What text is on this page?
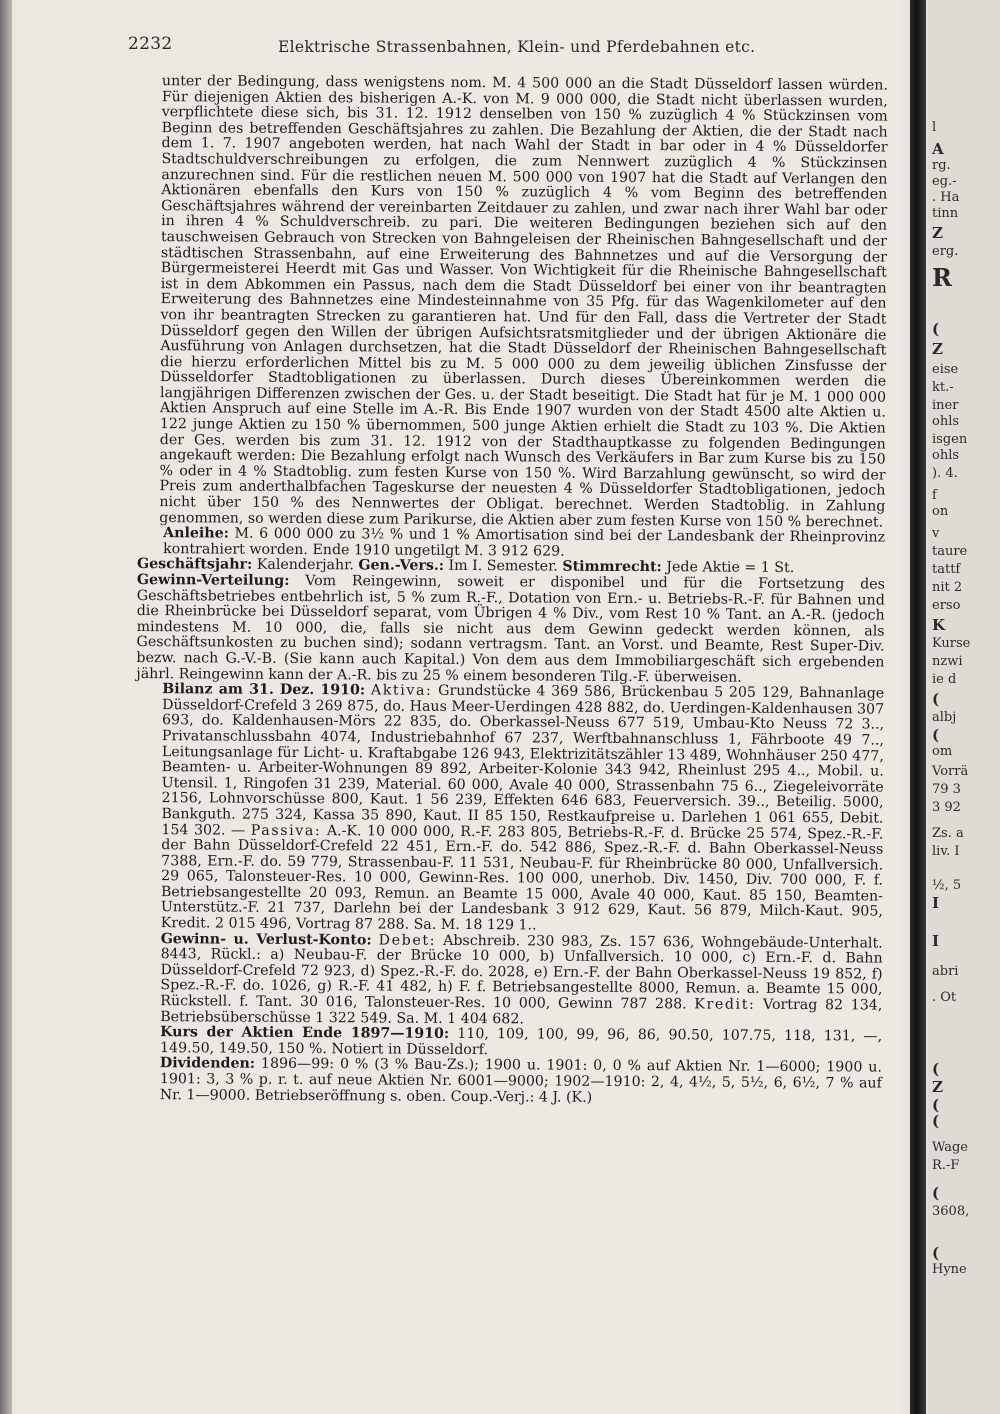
2232	Elektrische Strassenbahnen, Klein- und Pferdebahnen etc.

unter der Bedingung, dass wenigstens nom. M. 4 500 000 an die Stadt Düsseldorf lassen würden. Für diejenigen Aktien des bisherigen A.-K. von M. 9 000 000, die Stadt nicht überlassen wurden, verpflichtete diese sich, bis 31. 12. 1912 denselben von 150 % zuzüglich 4 % Stückzinsen vom Beginn des betreffenden Geschäftsjahres zu zahlen. Die Bezahlung der Aktien, die der Stadt nach dem 1. 7. 1907 angeboten werden, hat nach Wahl der Stadt in bar oder in 4 % Düsseldorfer Stadtschuldverschreibungen zu erfolgen, die zum Nennwert zuzüglich 4 % Stückzinsen anzurechnen sind. Für die restlichen neuen M. 500 000 von 1907 hat die Stadt auf Verlangen den Aktionären ebenfalls den Kurs von 150 % zuzüglich 4 % vom Beginn des betreffenden Geschäftsjahres während der vereinbarten Zeitdauer zu zahlen, und zwar nach ihrer Wahl bar oder in ihren 4 % Schuldverschreib. zu pari. Die weiteren Bedingungen beziehen sich auf den tauschweisen Gebrauch von Strecken von Bahngeleisen der Rheinischen Bahngesellschaft und der städtischen Strassenbahn, auf eine Erweiterung des Bahnnetzes und auf die Versorgung der Bürgermeisterei Heerdt mit Gas und Wasser. Von Wichtigkeit für die Rheinische Bahngesellschaft ist in dem Abkommen ein Passus, nach dem die Stadt Düsseldorf bei einer von ihr beantragten Erweiterung des Bahnnetzes eine Mindesteinnahme von 35 Pfg. für das Wagenkilometer auf den von ihr beantragten Strecken zu garantieren hat. Und für den Fall, dass die Vertreter der Stadt Düsseldorf gegen den Willen der übrigen Aufsichtsratsmitglieder und der übrigen Aktionäre die Ausführung von Anlagen durchsetzen, hat die Stadt Düsseldorf der Rheinischen Bahngesellschaft die hierzu erforderlichen Mittel bis zu M. 5 000 000 zu dem jeweilig üblichen Zinsfusse der Düsseldorfer Stadtobligationen zu überlassen. Durch dieses Übereinkommen werden die langjährigen Differenzen zwischen der Ges. u. der Stadt beseitigt. Die Stadt hat für je M. 1 000 000 Aktien Anspruch auf eine Stelle im A.-R. Bis Ende 1907 wurden von der Stadt 4500 alte Aktien u. 122 junge Aktien zu 150 % übernommen, 500 junge Aktien erhielt die Stadt zu 103 %. Die Aktien der Ges. werden bis zum 31. 12. 1912 von der Stadthauptkasse zu folgenden Bedingungen angekauft werden: Die Bezahlung erfolgt nach Wunsch des Verkäufers in Bar zum Kurse bis zu 150 % oder in 4 % Stadtoblig. zum festen Kurse von 150 %. Wird Barzahlung gewünscht, so wird der Preis zum anderthalbfachen Tageskurse der neuesten 4 % Düsseldorfer Stadtobligationen, jedoch nicht über 150 % des Nennwertes der Obligat. berechnet. Werden Stadtoblig. in Zahlung genommen, so werden diese zum Parikurse, die Aktien aber zum festen Kurse von 150 % berechnet.

Anleihe: M. 6 000 000 zu 3½ % und 1 % Amortisation sind bei der Landesbank der Rheinprovinz kontrahiert worden. Ende 1910 ungetilgt M. 3 912 629.

Geschäftsjahr: Kalenderjahr. Gen.-Vers.: Im I. Semester. Stimmrecht: Jede Aktie = 1 St.

Gewinn-Verteilung: Vom Reingewinn, soweit er disponibel und für die Fortsetzung des Geschäftsbetriebes entbehrlich ist, 5 % zum R.-F., Dotation von Ern.- u. Betriebs-R.-F. für Bahnen und die Rheinbrücke bei Düsseldorf separat, vom Übrigen 4 % Div., vom Rest 10 % Tant. an A.-R. (jedoch mindestens M. 10 000, die, falls sie nicht aus dem Gewinn gedeckt werden können, als Geschäftsunkosten zu buchen sind); sodann vertragsm. Tant. an Vorst. und Beamte, Rest Super-Div. bezw. nach G.-V.-B. (Sie kann auch Kapital.) Von dem aus dem Immobiliargeschäft sich ergebenden jährl. Reingewinn kann der A.-R. bis zu 25 % einem besonderen Tilg.-F. überweisen.

Bilanz am 31. Dez. 1910: Aktiva: Grundstücke 4 369 586, Brückenbau 5 205 129, Bahnanlage Düsseldorf-Crefeld 3 269 875, do. Haus Meer-Uerdingen 428 882, do. Uerdingen-Kaldenhausen 307 693, do. Kaldenhausen-Mörs 22 835, do. Oberkassel-Neuss 677 519, Umbau-Kto Neuss 72 3.., Privatanschlussbahn 4074, Industriebahnhof 67 237, Werftbahnanschluss 1, Fährboote 49 7.., Leitungsanlage für Licht- u. Kraftabgabe 126 943, Elektrizitätszähler 13 489, Wohnhäuser 250 477, Beamten- u. Arbeiter-Wohnungen 89 892, Arbeiter-Kolonie 343 942, Rheinlust 295 4.., Mobil. u. Utensil. 1, Ringofen 31 239, Material. 60 000, Avale 40 000, Strassenbahn 75 6.., Ziegeleivorräte 2156, Lohnvorschüsse 800, Kaut. 1 56 239, Effekten 646 683, Feuerversich. 39.., Beteilig. 5000, Bankguth. 275 324, Kassa 35 890, Kaut. II 85 150, Restkaufpreise u. Darlehen 1 061 655, Debit. 154 302. — Passiva: A.-K. 10 000 000, R.-F. 283 805, Betriebs-R.-F. d. Brücke 25 574, Spez.-R.-F. der Bahn Düsseldorf-Crefeld 22 451, Ern.-F. do. 542 886, Spez.-R.-F. d. Bahn Oberkassel-Neuss 7388, Ern.-F. do. 59 779, Strassenbau-F. 11 531, Neubau-F. für Rheinbrücke 80 000, Unfallversich. 29 065, Talonsteuer-Res. 10 000, Gewinn-Res. 100 000, unerhob. Div. 1450, Div. 700 000, F. f. Betriebsangestellte 20 093, Remun. an Beamte 15 000, Avale 40 000, Kaut. 85 150, Beamten-Unterstütz.-F. 21 737, Darlehn bei der Landesbank 3 912 629, Kaut. 56 879, Milch-Kaut. 905, Kredit. 2 015 496, Vortrag 87 288. Sa. M. 18 129 1..

Gewinn- u. Verlust-Konto: Debet: Abschreib. 230 983, Zs. 157 636, Wohngebäude-Unterhalt. 8443, Rückl.: a) Neubau-F. der Brücke 10 000, b) Unfallversich. 10 000, c) Ern.-F. d. Bahn Düsseldorf-Crefeld 72 923, d) Spez.-R.-F. do. 2028, e) Ern.-F. der Bahn Oberkassel-Neuss 19 852, f) Spez.-R.-F. do. 1026, g) R.-F. 41 482, h) F. f. Betriebsangestellte 8000, Remun. a. Beamte 15 000, Rückstell. f. Tant. 30 016, Talonsteuer-Res. 10 000, Gewinn 787 288. Kredit: Vortrag 82 134, Betriebsüberschüsse 1 322 549. Sa. M. 1 404 682.

Kurs der Aktien Ende 1897—1910: 110, 109, 100, 99, 96, 86, 90.50, 107.75, 118, 131, —, 149.50, 149.50, 150 %. Notiert in Düsseldorf.

Dividenden: 1896—99: 0 % (3 % Bau-Zs.); 1900 u. 1901: 0, 0 % auf Aktien Nr. 1—6000; 1900 u. 1901: 3, 3 % p. r. t. auf neue Aktien Nr. 6001—9000; 1902—1910: 2, 4, 4½, 5, 5½, 6, 6½, 7 % auf Nr. 1—9000. Betriebseröffnung s. oben. Coup.-Verj.: 4 J. (K.)

l
A
rg.
eg.-
. Ha
tinn
Z
erg.
R
(
Z
eise
kt.-
iner
ohls
isgen
ohls
). 4.
f
on
v
taure
tattf
nit 2
erso
K
Kurse
nzwi
ie d
(
albj
(
om
Vorrä
79 3
3 92
Zs. a
liv. I
½, 5
I
I
abri
. Ot
(
Z
(
(
Wage
R.-F
(
3608,
(
Hyne
